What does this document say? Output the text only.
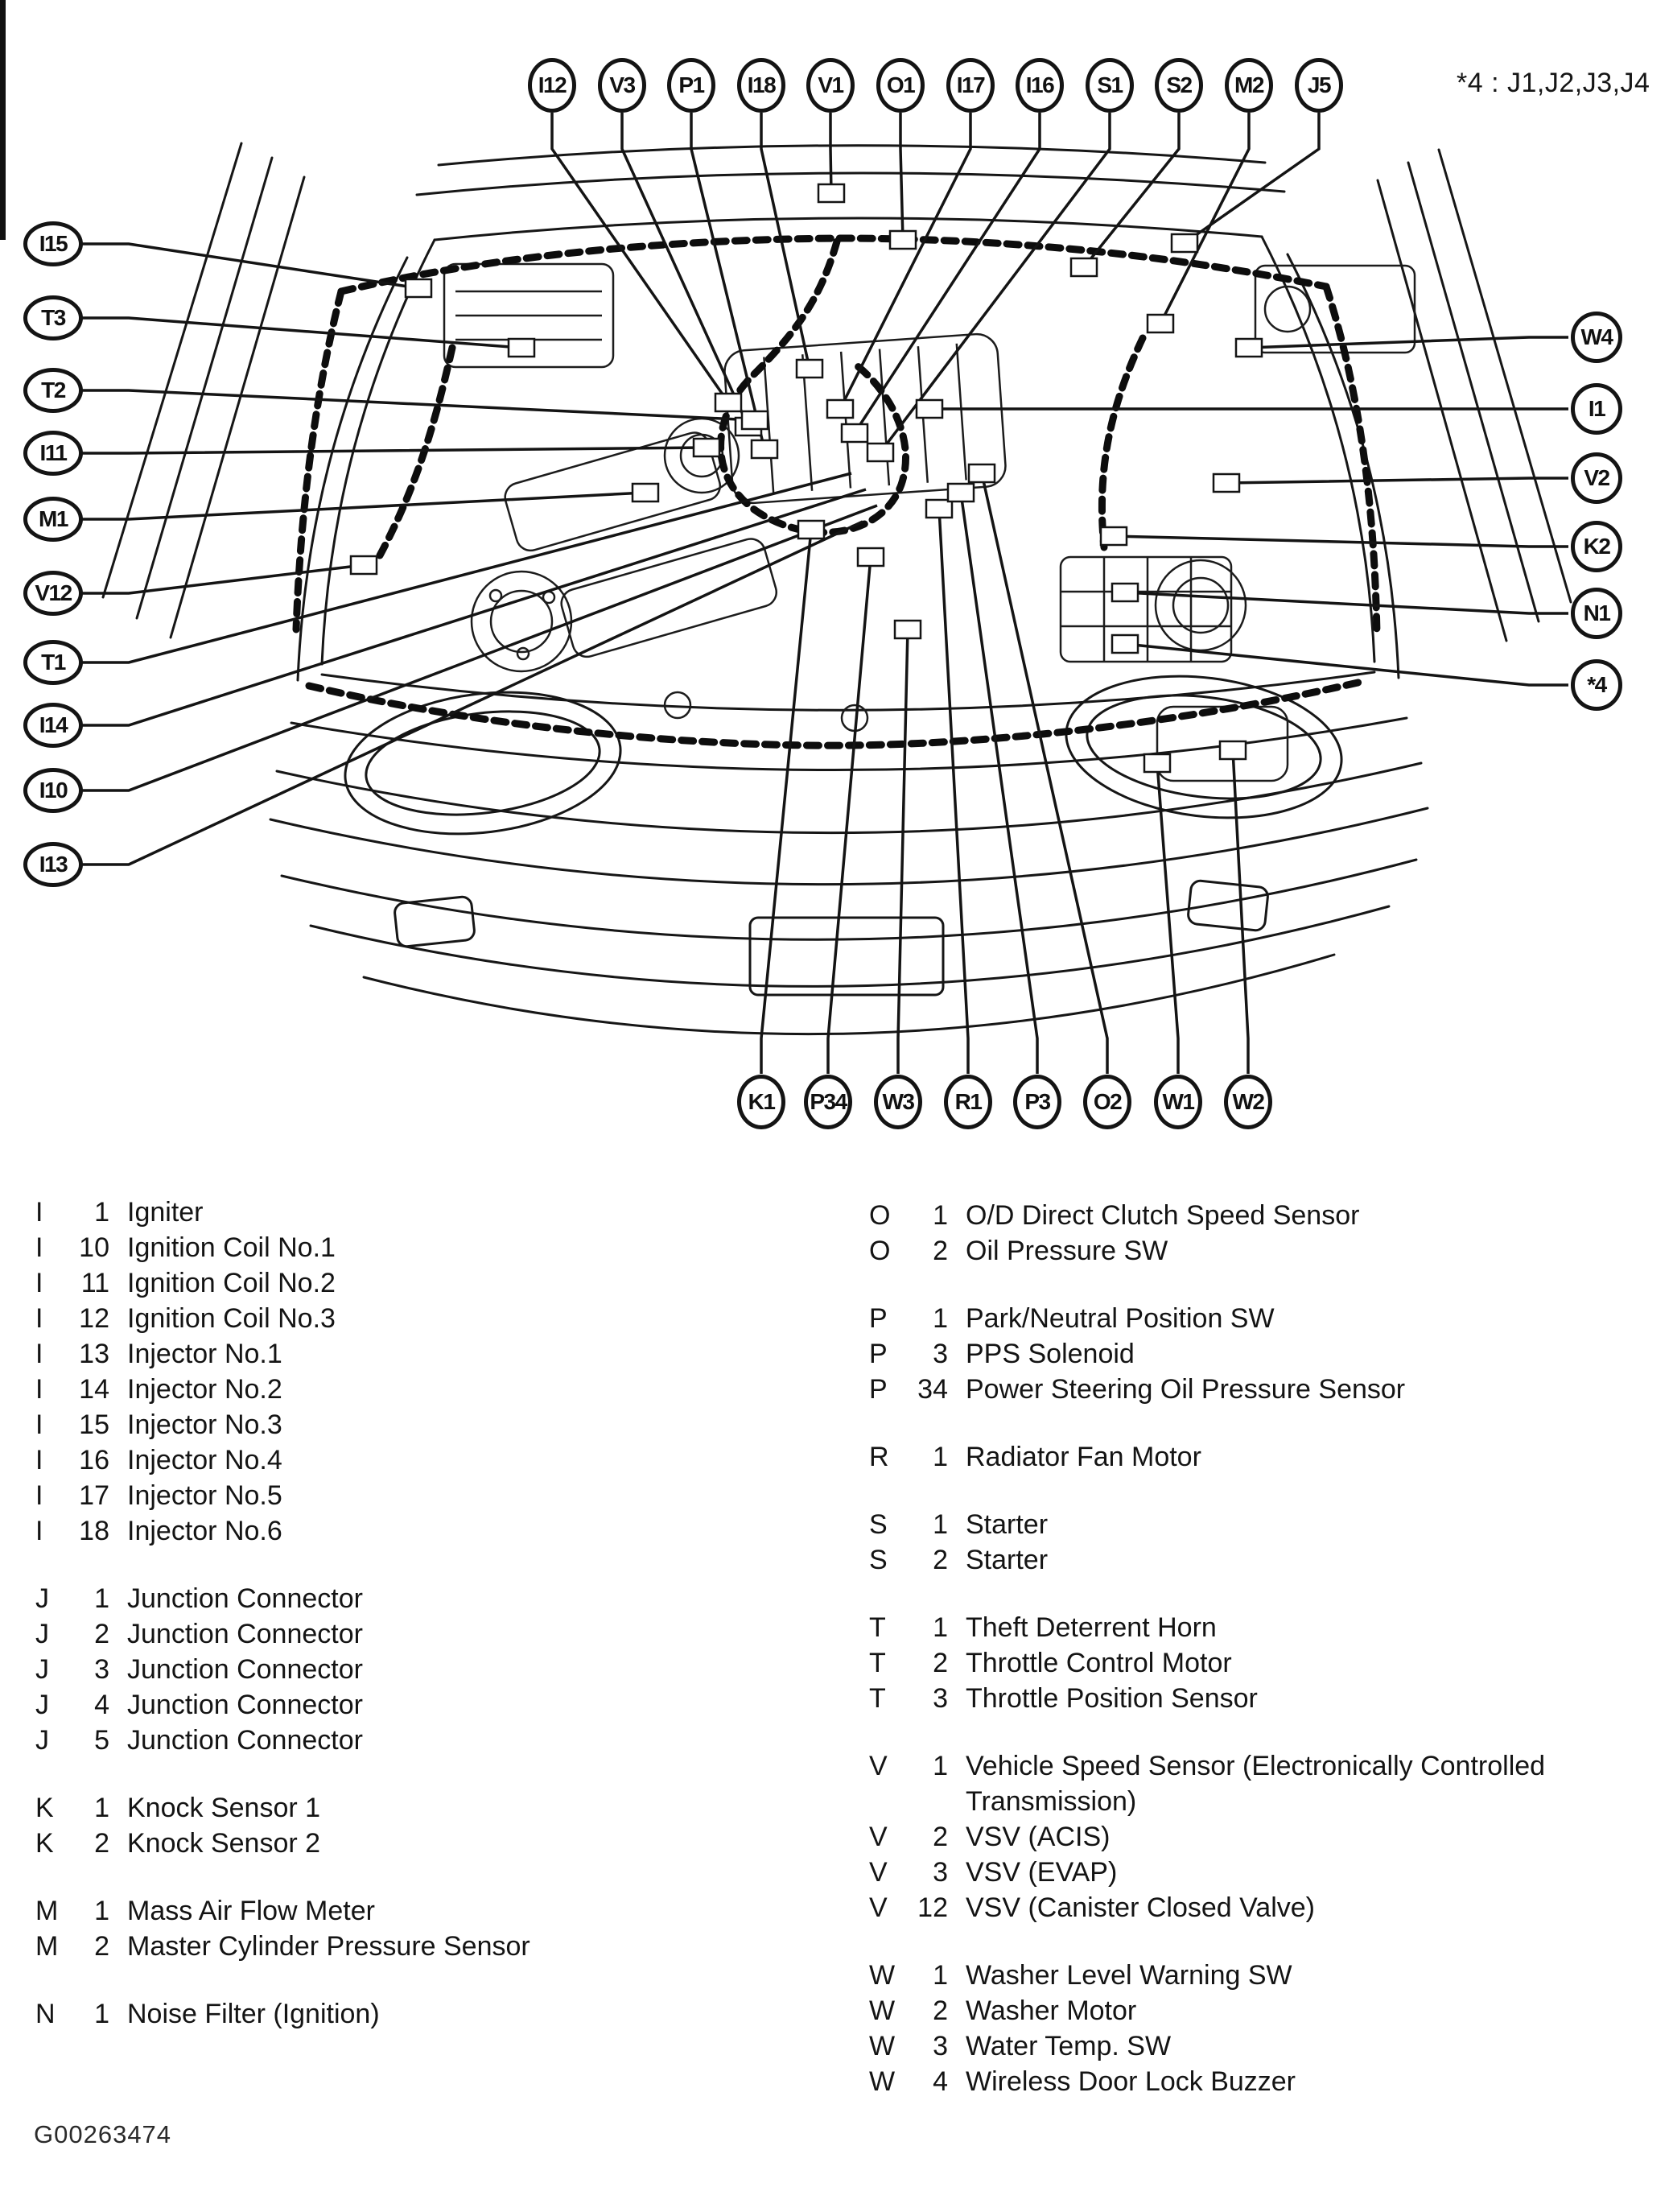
*4 : J1,J2,J3,J4
I12	V3	P1	I18	V1	O1	I17	I16	S1	S2	M2	J5
I15
T3
T2
I11
M1
V12
T1
I14
I10
I13
W4
I1
V2
K2
N1
*4
K1	P34	W3	R1	P3	O2	W1	W2
I	1 Igniter
I	10 Ignition Coil No.1
I	11 Ignition Coil No.2
I	12 Ignition Coil No.3
I	13 Injector No.1
I	14 Injector No.2
I	15 Injector No.3
I	16 Injector No.4
I	17 Injector No.5
I	18 Injector No.6
J	1 Junction Connector
J	2 Junction Connector
J	3 Junction Connector
J	4 Junction Connector
J	5 Junction Connector
K	1 Knock Sensor 1
K	2 Knock Sensor 2
M	1 Mass Air Flow Meter
M	2 Master Cylinder Pressure Sensor
N	1 Noise Filter (Ignition)
O	1 O/D Direct Clutch Speed Sensor
O	2 Oil Pressure SW
P	1 Park/Neutral Position SW
P	3 PPS Solenoid
P	34 Power Steering Oil Pressure Sensor
R	1 Radiator Fan Motor
S	1 Starter
S	2 Starter
T	1 Theft Deterrent Horn
T	2 Throttle Control Motor
T	3 Throttle Position Sensor
V	1 Vehicle Speed Sensor (Electronically Controlled Transmission)
V	2 VSV (ACIS)
V	3 VSV (EVAP)
V	12 VSV (Canister Closed Valve)
W	1 Washer Level Warning SW
W	2 Washer Motor
W	3 Water Temp. SW
W	4 Wireless Door Lock Buzzer
G00263474
